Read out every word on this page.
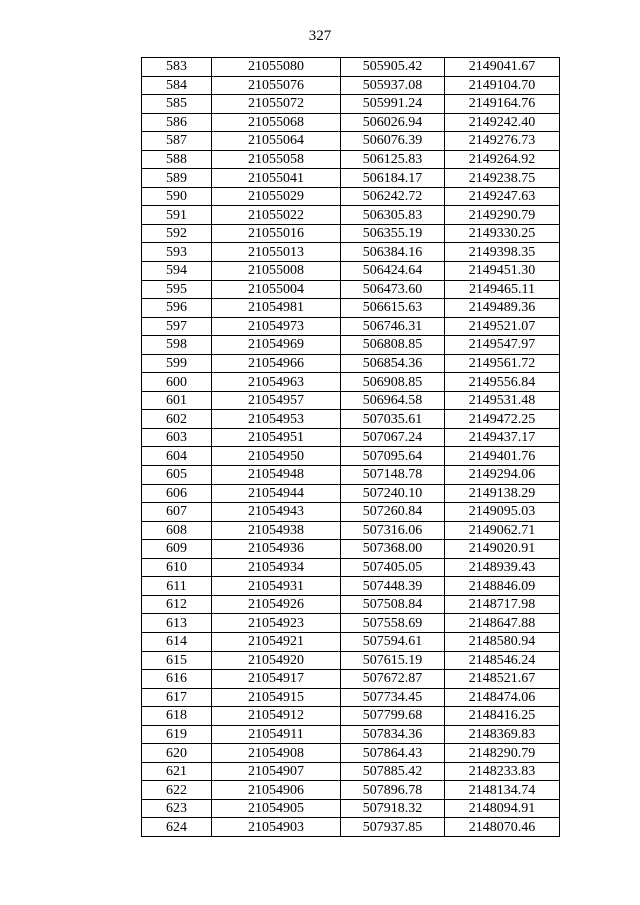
327
583	21055080	505905.42	2149041.67
584	21055076	505937.08	2149104.70
585	21055072	505991.24	2149164.76
586	21055068	506026.94	2149242.40
587	21055064	506076.39	2149276.73
588	21055058	506125.83	2149264.92
589	21055041	506184.17	2149238.75
590	21055029	506242.72	2149247.63
591	21055022	506305.83	2149290.79
592	21055016	506355.19	2149330.25
593	21055013	506384.16	2149398.35
594	21055008	506424.64	2149451.30
595	21055004	506473.60	2149465.11
596	21054981	506615.63	2149489.36
597	21054973	506746.31	2149521.07
598	21054969	506808.85	2149547.97
599	21054966	506854.36	2149561.72
600	21054963	506908.85	2149556.84
601	21054957	506964.58	2149531.48
602	21054953	507035.61	2149472.25
603	21054951	507067.24	2149437.17
604	21054950	507095.64	2149401.76
605	21054948	507148.78	2149294.06
606	21054944	507240.10	2149138.29
607	21054943	507260.84	2149095.03
608	21054938	507316.06	2149062.71
609	21054936	507368.00	2149020.91
610	21054934	507405.05	2148939.43
611	21054931	507448.39	2148846.09
612	21054926	507508.84	2148717.98
613	21054923	507558.69	2148647.88
614	21054921	507594.61	2148580.94
615	21054920	507615.19	2148546.24
616	21054917	507672.87	2148521.67
617	21054915	507734.45	2148474.06
618	21054912	507799.68	2148416.25
619	21054911	507834.36	2148369.83
620	21054908	507864.43	2148290.79
621	21054907	507885.42	2148233.83
622	21054906	507896.78	2148134.74
623	21054905	507918.32	2148094.91
624	21054903	507937.85	2148070.46
